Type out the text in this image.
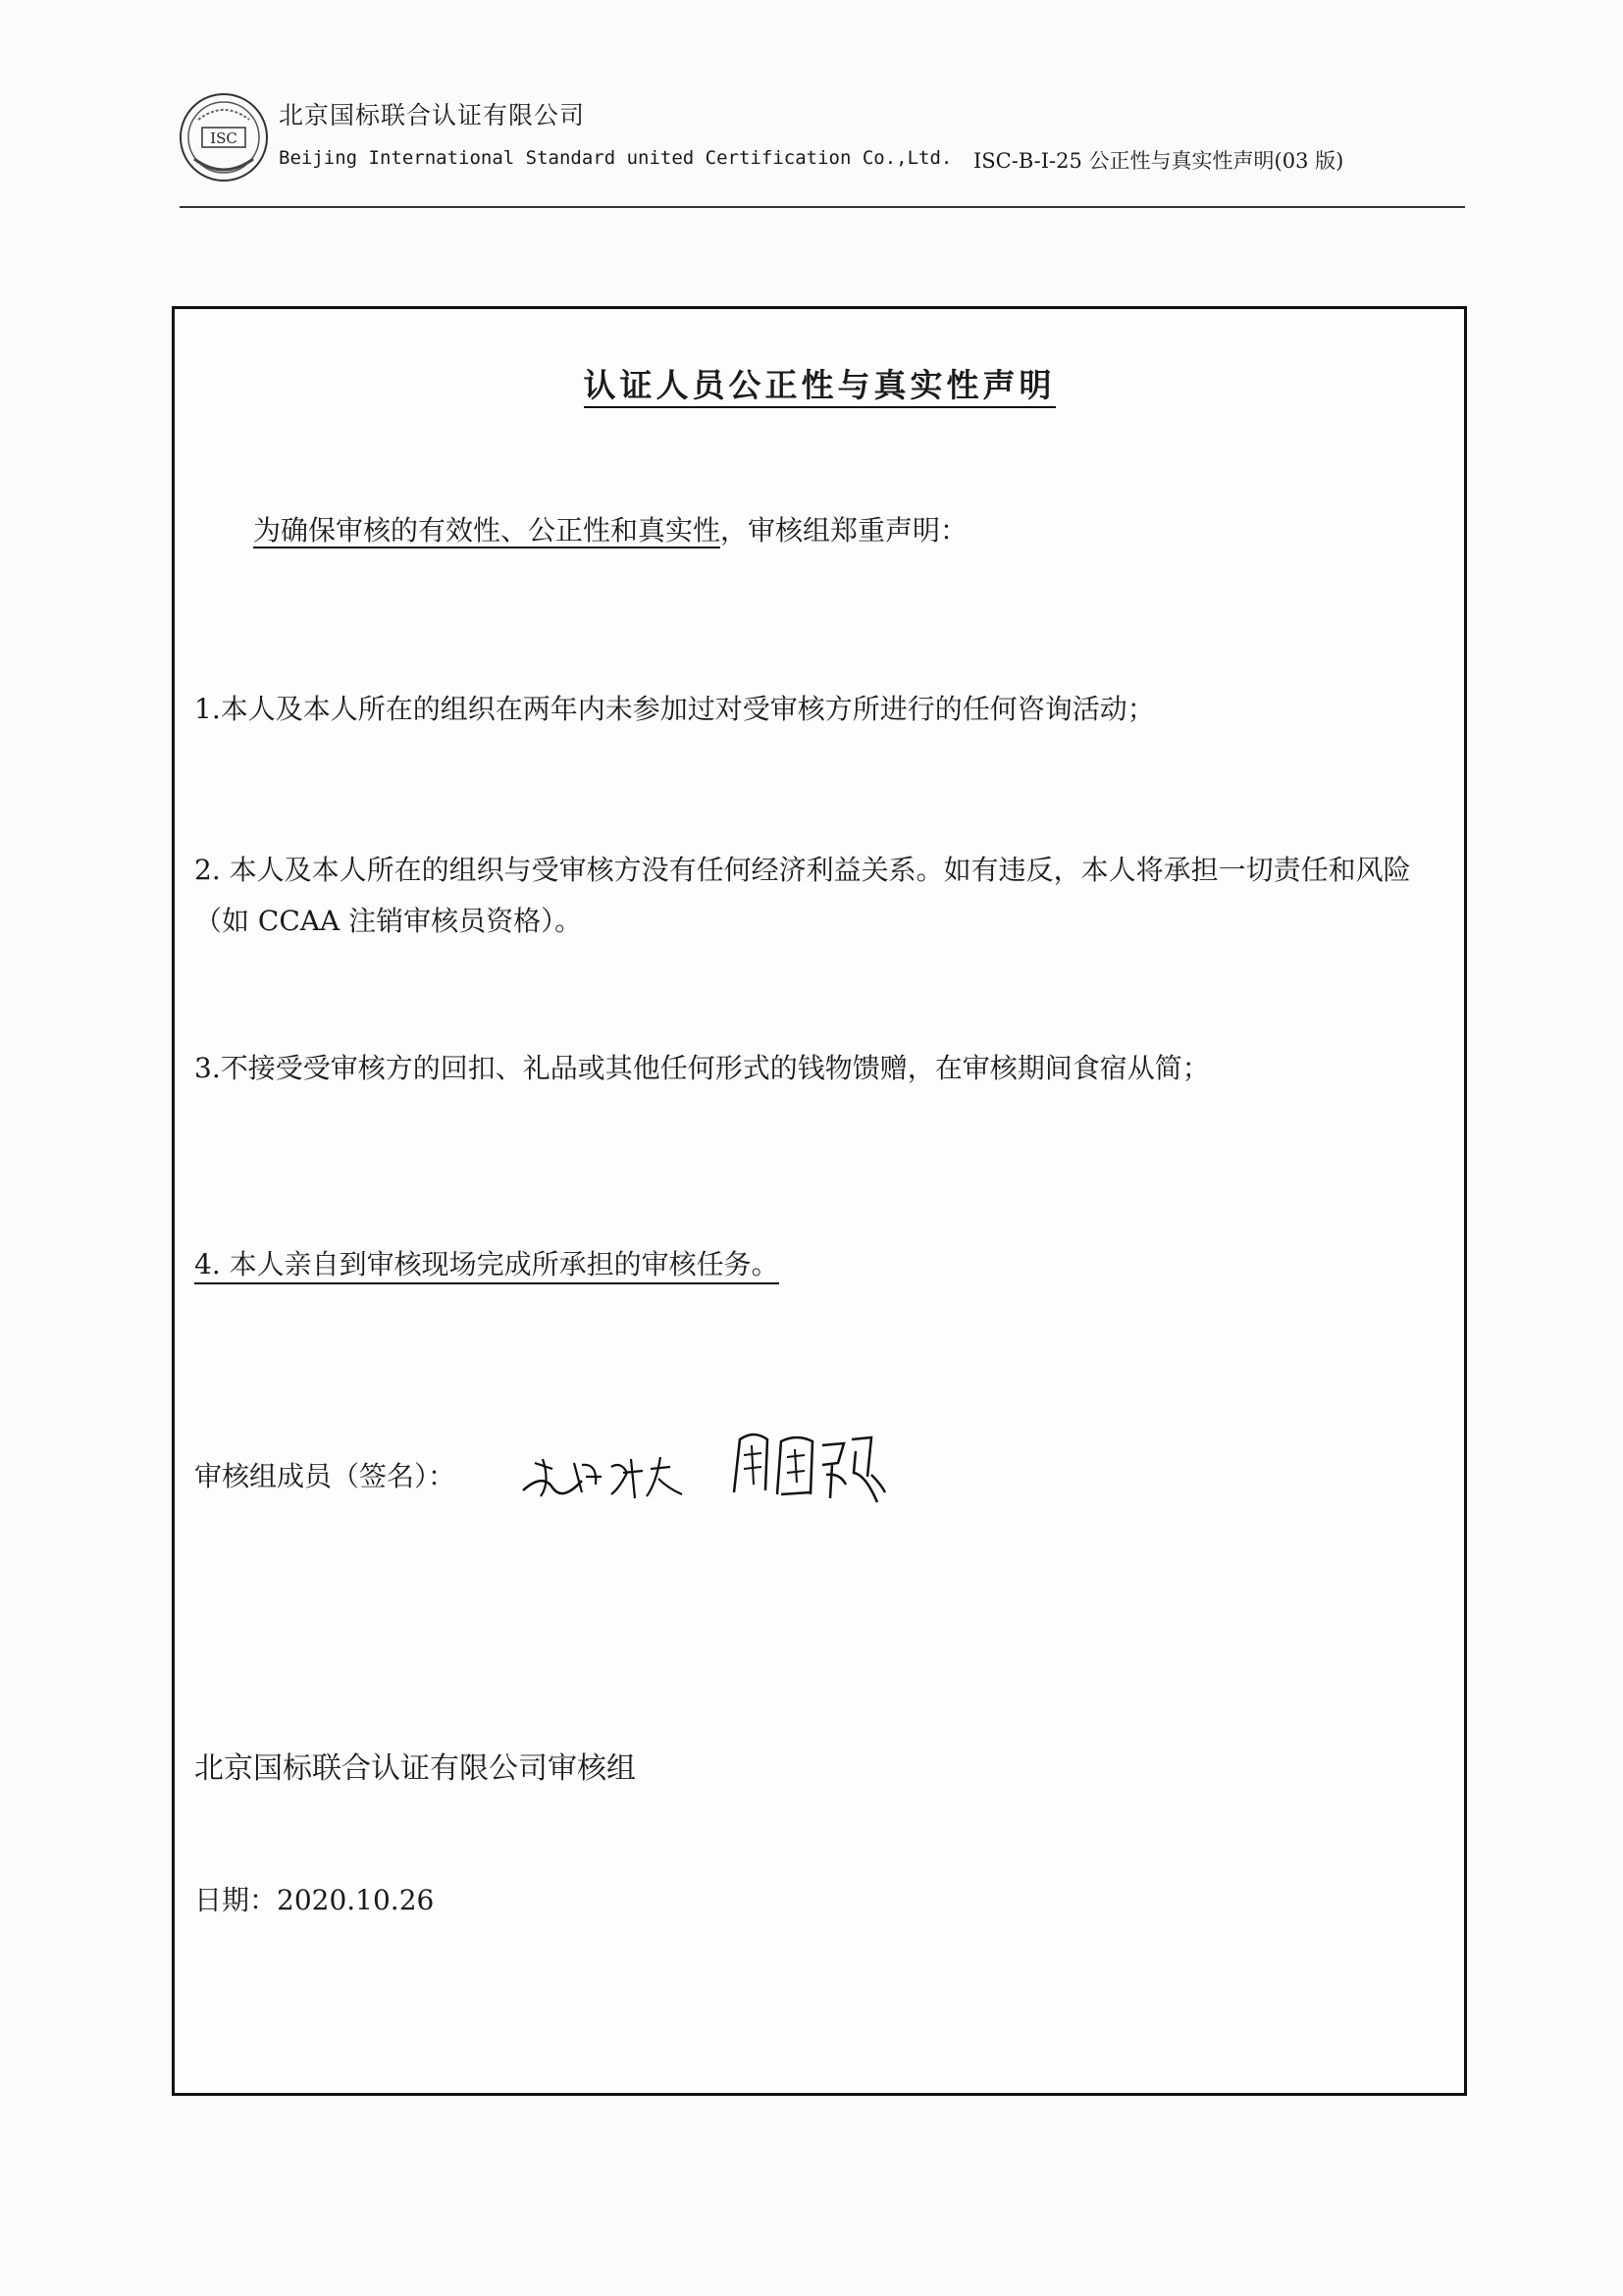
ISC
北京国标联合认证有限公司
Beijing International Standard united Certification Co.,Ltd. ISC-B-I-25 公正性与真实性声明(03 版)
认证人员公正性与真实性声明
为确保审核的有效性、公正性和真实性，审核组郑重声明：
1.本人及本人所在的组织在两年内未参加过对受审核方所进行的任何咨询活动；
2. 本人及本人所在的组织与受审核方没有任何经济利益关系。如有违反，本人将承担一切责任和风险（如 CCAA 注销审核员资格）。
3.不接受受审核方的回扣、礼品或其他任何形式的钱物馈赠，在审核期间食宿从简；
4. 本人亲自到审核现场完成所承担的审核任务。
审核组成员（签名）：
北京国标联合认证有限公司审核组
日期：2020.10.26
